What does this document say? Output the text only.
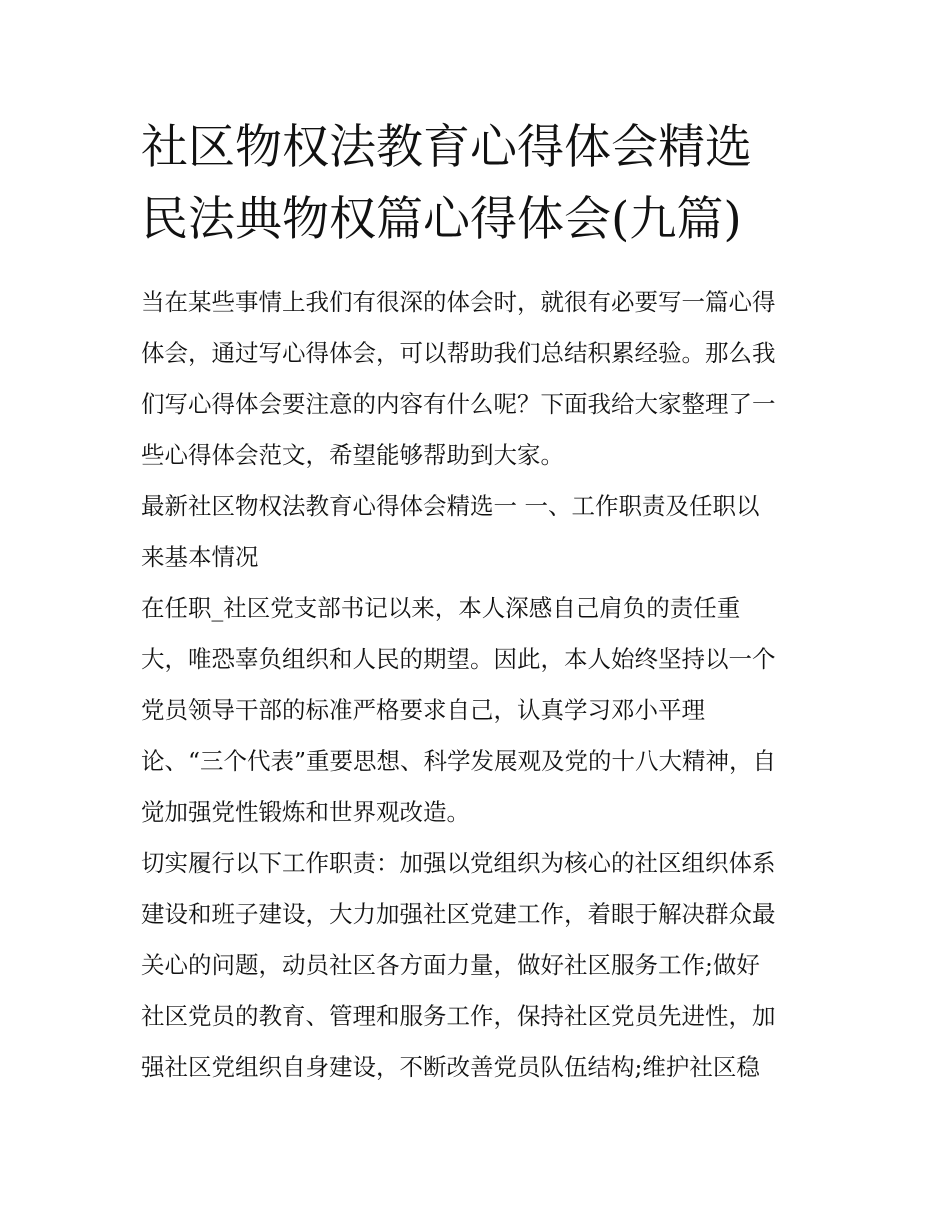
社区物权法教育心得体会精选
民法典物权篇心得体会(九篇)

当在某些事情上我们有很深的体会时，就很有必要写一篇心得
体会，通过写心得体会，可以帮助我们总结积累经验。那么我
们写心得体会要注意的内容有什么呢？下面我给大家整理了一
些心得体会范文，希望能够帮助到大家。

最新社区物权法教育心得体会精选一 一、工作职责及任职以
来基本情况

在任职_社区党支部书记以来，本人深感自己肩负的责任重
大，唯恐辜负组织和人民的期望。因此，本人始终坚持以一个
党员领导干部的标准严格要求自己，认真学习邓小平理
论、“三个代表”重要思想、科学发展观及党的十八大精神，自
觉加强党性锻炼和世界观改造。

切实履行以下工作职责：加强以党组织为核心的社区组织体系
建设和班子建设，大力加强社区党建工作，着眼于解决群众最
关心的问题，动员社区各方面力量，做好社区服务工作;做好
社区党员的教育、管理和服务工作，保持社区党员先进性，加
强社区党组织自身建设，不断改善党员队伍结构;维护社区稳
